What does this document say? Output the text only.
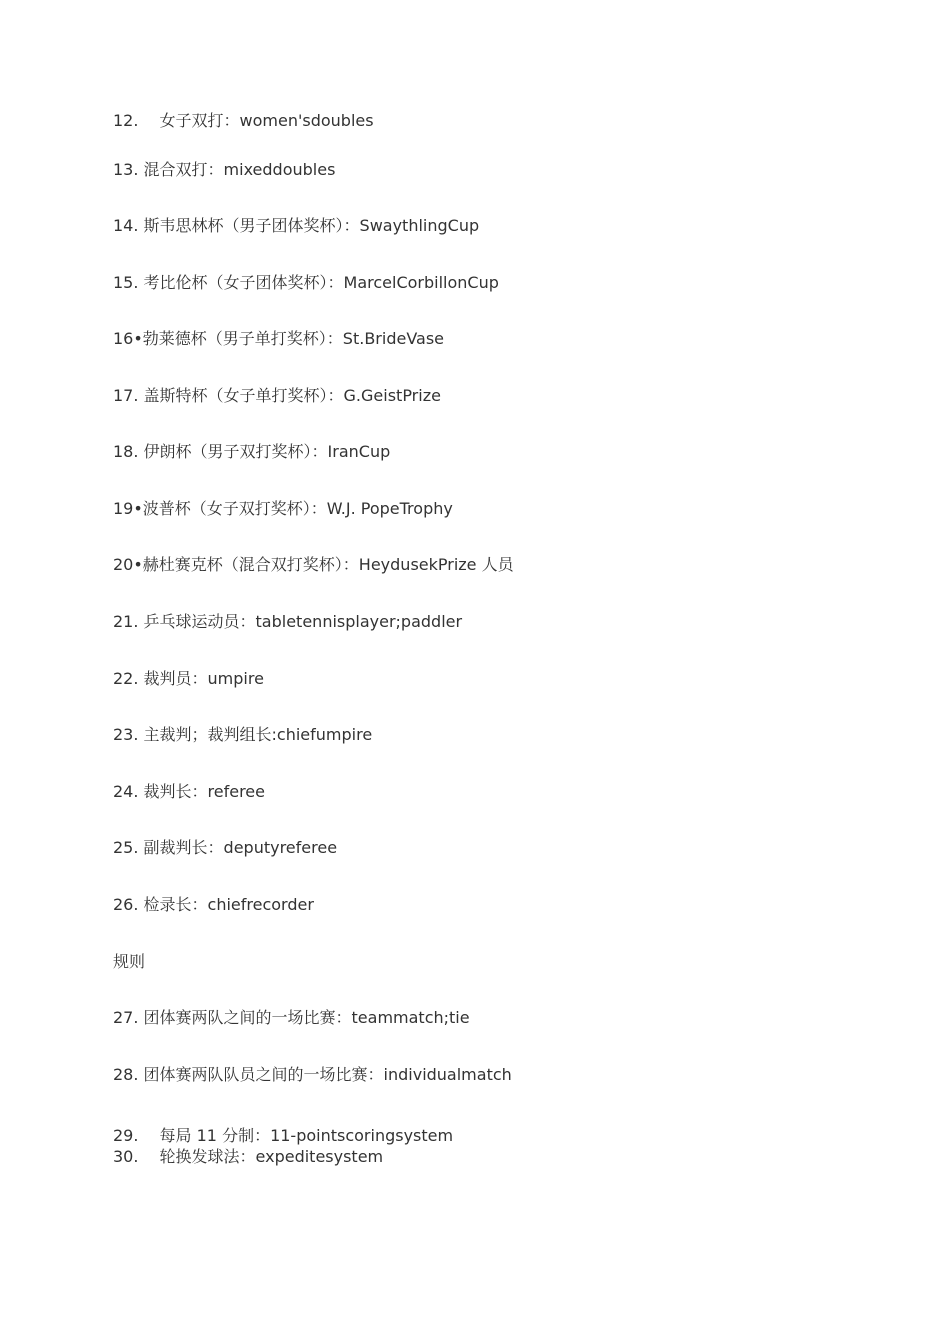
12.　 女子双打：women'sdoubles

13. 混合双打：mixeddoubles

14. 斯韦思林杯（男子团体奖杯）：SwaythlingCup

15. 考比伦杯（女子团体奖杯）：MarcelCorbillonCup

16•勃莱德杯（男子单打奖杯）：St.BrideVase

17. 盖斯特杯（女子单打奖杯）：G.GeistPrize

18. 伊朗杯（男子双打奖杯）：IranCup

19•波普杯（女子双打奖杯）：W.J. PopeTrophy

20•赫杜赛克杯（混合双打奖杯）：HeydusekPrize 人员

21. 乒乓球运动员：tabletennisplayer;paddler

22. 裁判员：umpire

23. 主裁判；裁判组长:chiefumpire

24. 裁判长：referee

25. 副裁判长：deputyreferee

26. 检录长：chiefrecorder

规则

27. 团体赛两队之间的一场比赛：teammatch;tie

28. 团体赛两队队员之间的一场比赛：individualmatch

29.　 每局 11 分制：11-pointscoringsystem

30.　 轮换发球法：expeditesystem
